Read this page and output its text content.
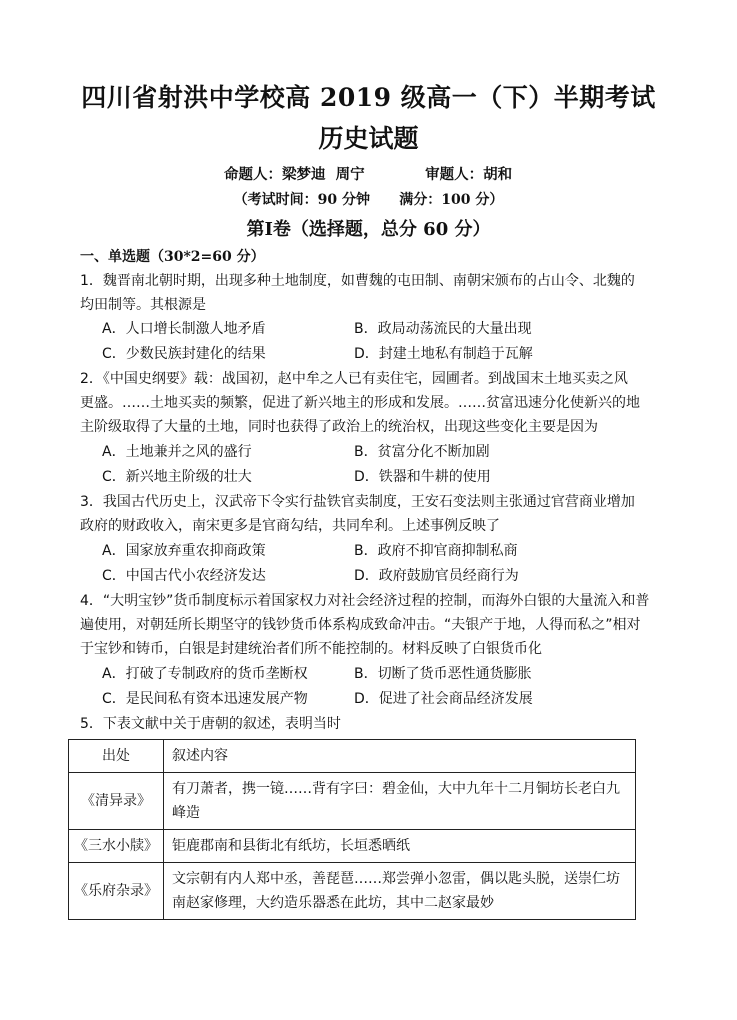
四川省射洪中学校高 2019 级高一（下）半期考试
历史试题
命题人：梁梦迪  周宁            审题人：胡和
（考试时间：90 分钟      满分：100 分）
第Ⅰ卷（选择题，总分 60 分）
一、单选题（30*2=60 分）
1．魏晋南北朝时期，出现多种土地制度，如曹魏的屯田制、南朝宋颁布的占山令、北魏的
均田制等。其根源是
A．人口增长制激人地矛盾	B．政局动荡流民的大量出现
C．少数民族封建化的结果	D．封建土地私有制趋于瓦解
2．《中国史纲要》载：战国初，赵中牟之人已有卖住宅，园圃者。到战国末土地买卖之风
更盛。……土地买卖的频繁，促进了新兴地主的形成和发展。……贫富迅速分化使新兴的地
主阶级取得了大量的土地，同时也获得了政治上的统治权，出现这些变化主要是因为
A．土地兼并之风的盛行	B．贫富分化不断加剧
C．新兴地主阶级的壮大	D．铁器和牛耕的使用
3．我国古代历史上，汉武帝下令实行盐铁官卖制度，王安石变法则主张通过官营商业增加
政府的财政收入，南宋更多是官商勾结，共同牟利。上述事例反映了
A．国家放弃重农抑商政策	B．政府不抑官商抑制私商
C．中国古代小农经济发达	D．政府鼓励官员经商行为
4．“大明宝钞”货币制度标示着国家权力对社会经济过程的控制，而海外白银的大量流入和普
遍使用，对朝廷所长期坚守的钱钞货币体系构成致命冲击。“夫银产于地，人得而私之”相对
于宝钞和铸币，白银是封建统治者们所不能控制的。材料反映了白银货币化
A．打破了专制政府的货币垄断权	B．切断了货币恶性通货膨胀
C．是民间私有资本迅速发展产物	D．促进了社会商品经济发展
5．下表文献中关于唐朝的叙述，表明当时
出处	叙述内容
《清异录》	有刀萧者，携一镜……背有字曰：碧金仙，大中九年十二月铜坊长老白九峰造
《三水小牍》	钜鹿郡南和县街北有纸坊，长垣悉晒纸
《乐府杂录》	文宗朝有内人郑中丞，善琵琶……郑尝弹小忽雷，偶以匙头脱，送崇仁坊南赵家修理，大约造乐器悉在此坊，其中二赵家最妙
